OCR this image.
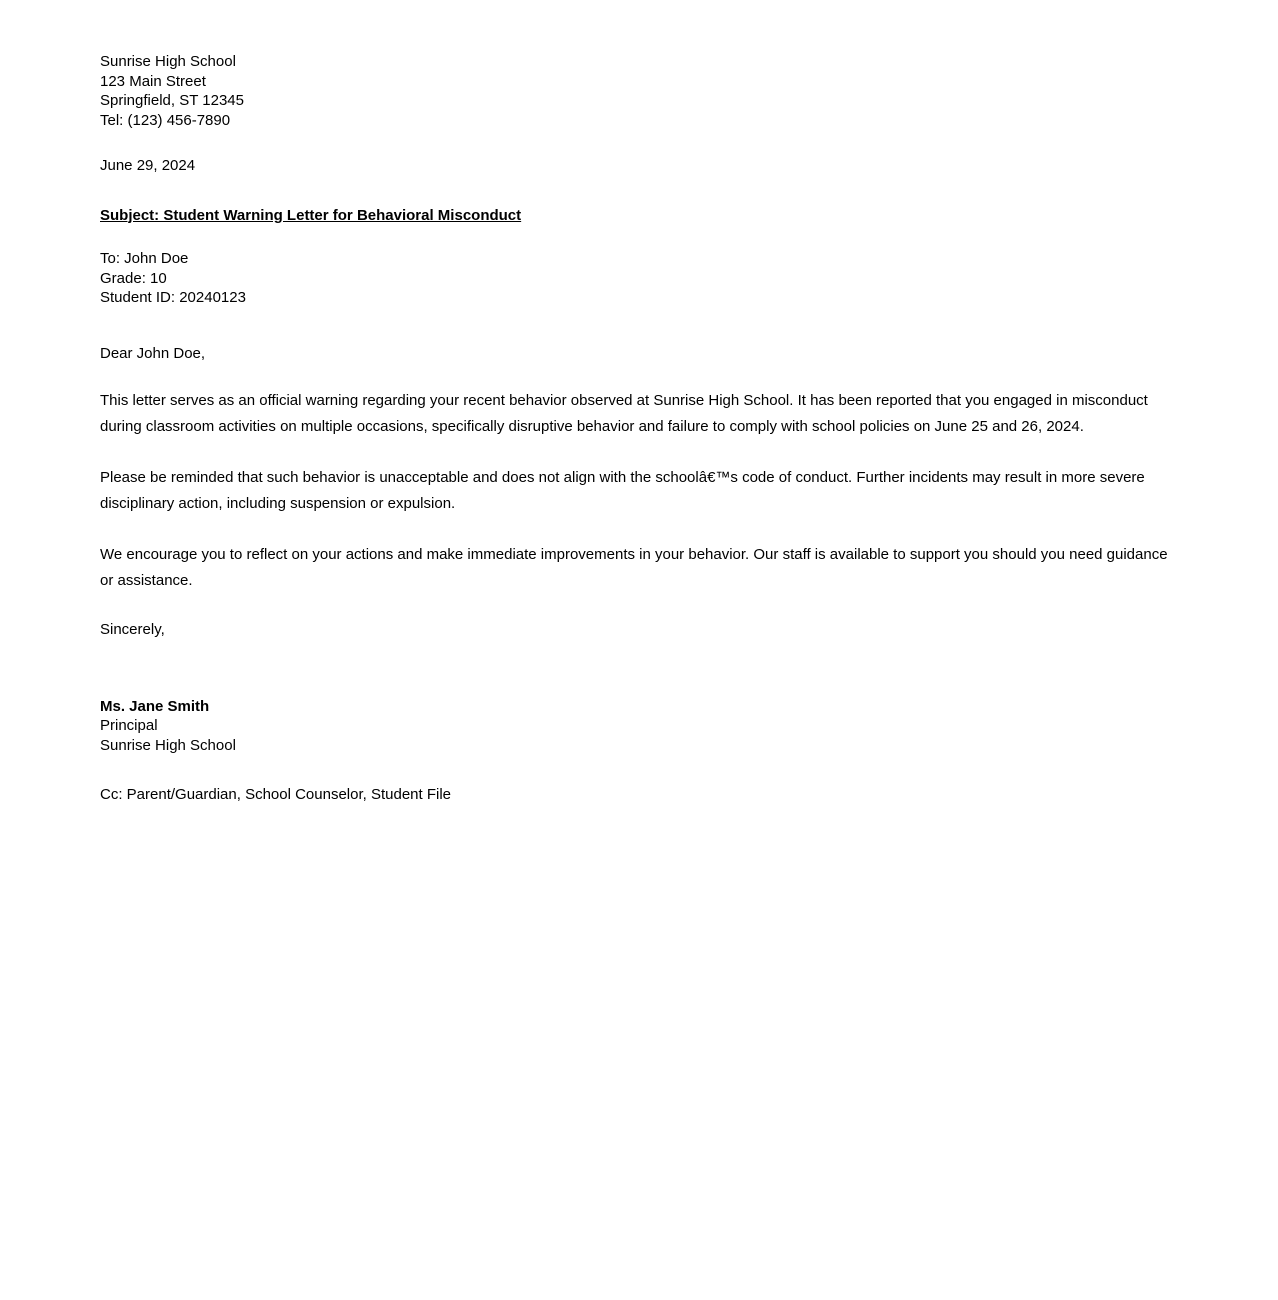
Sunrise High School
123 Main Street
Springfield, ST 12345
Tel: (123) 456-7890
June 29, 2024
Subject: Student Warning Letter for Behavioral Misconduct
To: John Doe
Grade: 10
Student ID: 20240123
Dear John Doe,
This letter serves as an official warning regarding your recent behavior observed at Sunrise High School. It has been reported that you engaged in misconduct during classroom activities on multiple occasions, specifically disruptive behavior and failure to comply with school policies on June 25 and 26, 2024.
Please be reminded that such behavior is unacceptable and does not align with the schoolâ€™s code of conduct. Further incidents may result in more severe disciplinary action, including suspension or expulsion.
We encourage you to reflect on your actions and make immediate improvements in your behavior. Our staff is available to support you should you need guidance or assistance.
Sincerely,
Ms. Jane Smith
Principal
Sunrise High School
Cc: Parent/Guardian, School Counselor, Student File
